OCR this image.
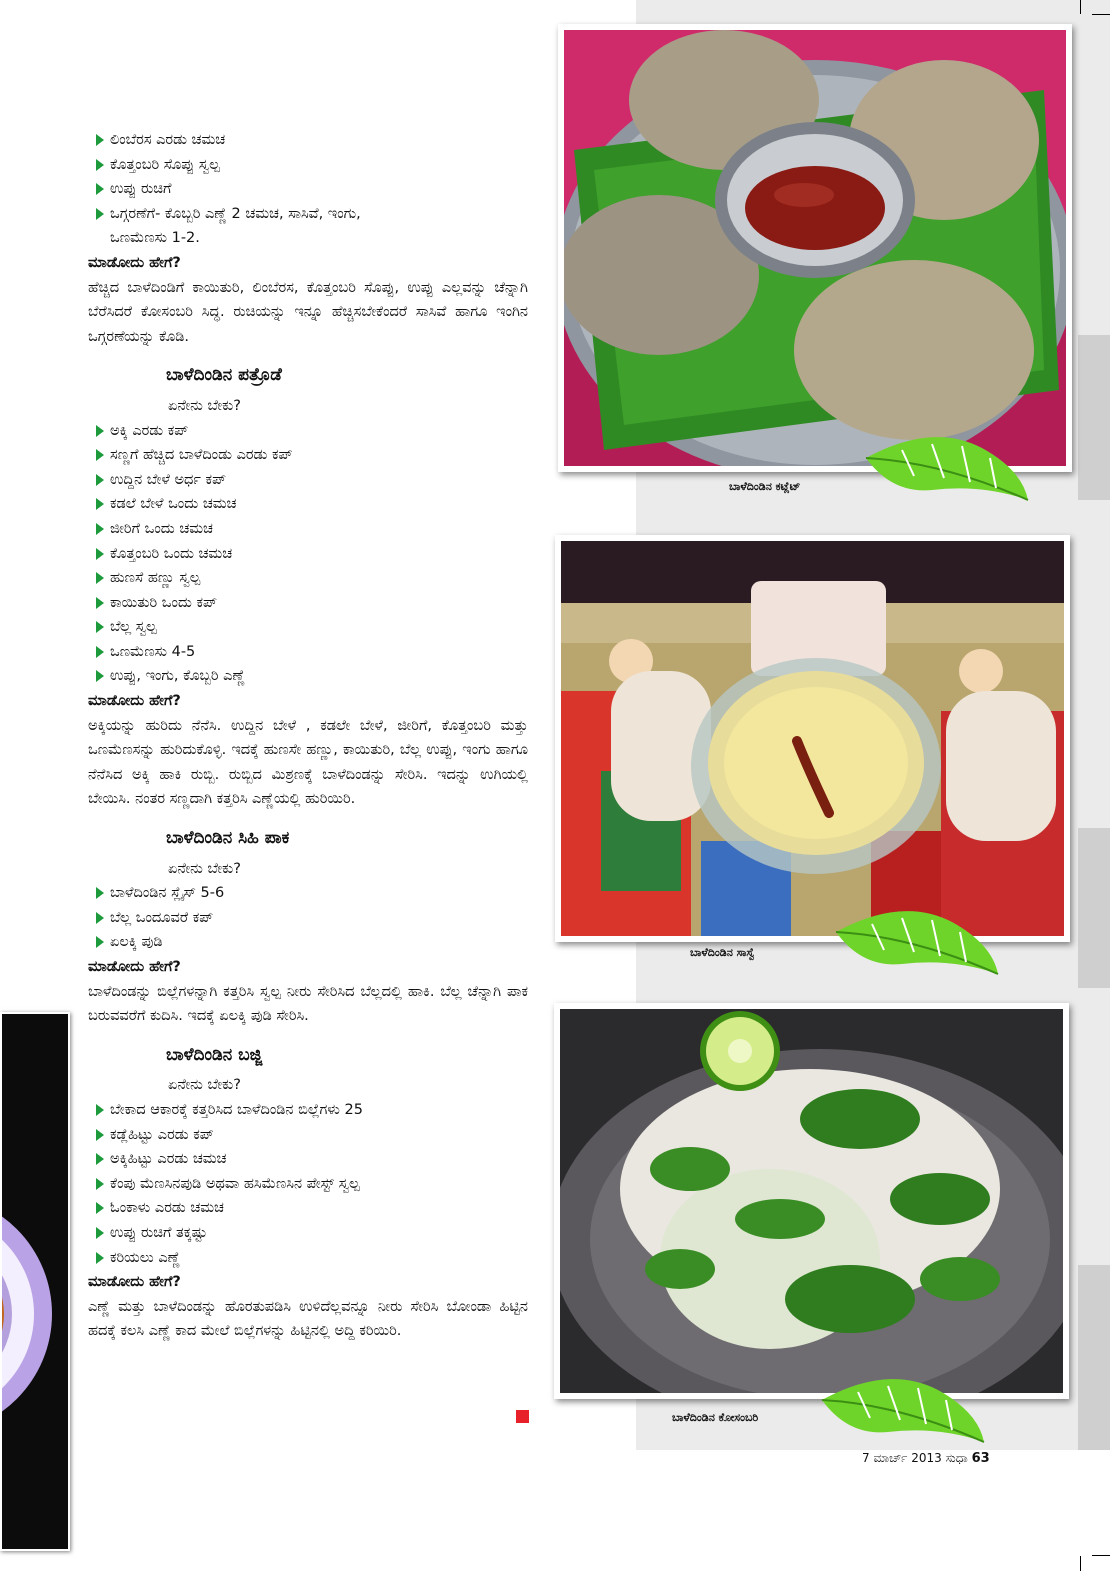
ಲಿಂಬೆರಸ ಎರಡು ಚಮಚ
ಕೊತ್ತಂಬರಿ ಸೊಪ್ಪು ಸ್ವಲ್ಪ
ಉಪ್ಪು ರುಚಿಗೆ
ಒಗ್ಗರಣೆಗೆ- ಕೊಬ್ಬರಿ ಎಣ್ಣೆ 2 ಚಮಚ, ಸಾಸಿವೆ, ಇಂಗು,
ಒಣಮೆಣಸು 1-2.
ಮಾಡೋದು ಹೇಗೆ?
ಹೆಚ್ಚಿದ ಬಾಳೆದಿಂಡಿಗೆ ಕಾಯಿತುರಿ, ಲಿಂಬೆರಸ, ಕೊತ್ತಂಬರಿ ಸೊಪ್ಪು, ಉಪ್ಪು ಎಲ್ಲವನ್ನು ಚೆನ್ನಾಗಿ ಬೆರೆಸಿದರೆ ಕೋಸಂಬರಿ ಸಿದ್ಧ. ರುಚಿಯನ್ನು ಇನ್ನೂ ಹೆಚ್ಚಿಸಬೇಕೆಂದರೆ ಸಾಸಿವೆ ಹಾಗೂ ಇಂಗಿನ ಒಗ್ಗರಣೆಯನ್ನು ಕೊಡಿ.
ಬಾಳೆದಿಂಡಿನ ಪತ್ರೊಡೆ
ಏನೇನು ಬೇಕು?
ಅಕ್ಕಿ ಎರಡು ಕಪ್
ಸಣ್ಣಗೆ ಹೆಚ್ಚಿದ ಬಾಳೆದಿಂಡು ಎರಡು ಕಪ್
ಉದ್ದಿನ ಬೇಳೆ ಅರ್ಧ ಕಪ್
ಕಡಲೆ ಬೇಳೆ ಒಂದು ಚಮಚ
ಜೀರಿಗೆ ಒಂದು ಚಮಚ
ಕೊತ್ತಂಬರಿ ಒಂದು ಚಮಚ
ಹುಣಸೆ ಹಣ್ಣು ಸ್ವಲ್ಪ
ಕಾಯಿತುರಿ ಒಂದು ಕಪ್
ಬೆಲ್ಲ ಸ್ವಲ್ಪ
ಒಣಮೆಣಸು 4-5
ಉಪ್ಪು, ಇಂಗು, ಕೊಬ್ಬರಿ ಎಣ್ಣೆ
ಮಾಡೋದು ಹೇಗೆ?
ಅಕ್ಕಿಯನ್ನು ಹುರಿದು ನೆನೆಸಿ. ಉದ್ದಿನ ಬೇಳೆ , ಕಡಲೇ ಬೇಳೆ, ಜೀರಿಗೆ, ಕೊತ್ತಂಬರಿ ಮತ್ತು ಒಣಮೆಣಸನ್ನು ಹುರಿದುಕೊಳ್ಳಿ. ಇದಕ್ಕೆ ಹುಣಸೇ ಹಣ್ಣು, ಕಾಯಿತುರಿ, ಬೆಲ್ಲ ಉಪ್ಪು, ಇಂಗು ಹಾಗೂ ನೆನೆಸಿದ ಅಕ್ಕಿ ಹಾಕಿ ರುಬ್ಬಿ. ರುಬ್ಬಿದ ಮಿಶ್ರಣಕ್ಕೆ ಬಾಳೆದಿಂಡನ್ನು ಸೇರಿಸಿ. ಇದನ್ನು ಉಗಿಯಲ್ಲಿ ಬೇಯಿಸಿ. ನಂತರ ಸಣ್ಣದಾಗಿ ಕತ್ತರಿಸಿ ಎಣ್ಣೆಯಲ್ಲಿ ಹುರಿಯಿರಿ.
ಬಾಳೆದಿಂಡಿನ ಸಿಹಿ ಪಾಕ
ಏನೇನು ಬೇಕು?
ಬಾಳೆದಿಂಡಿನ ಸ್ಲೈಸ್ 5-6
ಬೆಲ್ಲ ಒಂದೂವರೆ ಕಪ್
ಏಲಕ್ಕಿ ಪುಡಿ
ಮಾಡೋದು ಹೇಗೆ?
ಬಾಳೆದಿಂಡನ್ನು ಬಿಲ್ಲೆಗಳನ್ನಾಗಿ ಕತ್ತರಿಸಿ ಸ್ವಲ್ಪ ನೀರು ಸೇರಿಸಿದ ಬೆಲ್ಲದಲ್ಲಿ ಹಾಕಿ. ಬೆಲ್ಲ ಚೆನ್ನಾಗಿ ಪಾಕ ಬರುವವರೆಗೆ ಕುದಿಸಿ. ಇದಕ್ಕೆ ಏಲಕ್ಕಿ ಪುಡಿ ಸೇರಿಸಿ.
ಬಾಳೆದಿಂಡಿನ ಬಜ್ಜಿ
ಏನೇನು ಬೇಕು?
ಬೇಕಾದ ಆಕಾರಕ್ಕೆ ಕತ್ತರಿಸಿದ ಬಾಳೆದಿಂಡಿನ ಬಿಲ್ಲೆಗಳು 25
ಕಡ್ಲೆಹಿಟ್ಟು ಎರಡು ಕಪ್
ಅಕ್ಕಿಹಿಟ್ಟು ಎರಡು ಚಮಚ
ಕೆಂಪು ಮೆಣಸಿನಪುಡಿ ಅಥವಾ ಹಸಿಮೆಣಸಿನ ಪೇಸ್ಟ್ ಸ್ವಲ್ಪ
ಓಂಕಾಳು ಎರಡು ಚಮಚ
ಉಪ್ಪು ರುಚಿಗೆ ತಕ್ಕಷ್ಟು
ಕರಿಯಲು ಎಣ್ಣೆ
ಮಾಡೋದು ಹೇಗೆ?
ಎಣ್ಣೆ ಮತ್ತು ಬಾಳೆದಿಂಡನ್ನು ಹೊರತುಪಡಿಸಿ ಉಳಿದೆಲ್ಲವನ್ನೂ ನೀರು ಸೇರಿಸಿ ಬೋಂಡಾ ಹಿಟ್ಟಿನ ಹದಕ್ಕೆ ಕಲಸಿ ಎಣ್ಣೆ ಕಾದ ಮೇಲೆ ಬಿಲ್ಲೆಗಳನ್ನು ಹಿಟ್ಟಿನಲ್ಲಿ ಅದ್ದಿ ಕರಿಯಿರಿ.
ಬಾಳೆದಿಂಡಿನ ಕಟ್ಲೆಟ್
ಬಾಳೆದಿಂಡಿನ ಸಾಸ್ವೆ
ಬಾಳೆದಿಂಡಿನ ಕೋಸಂಬರಿ
7 ಮಾರ್ಚ್ 2013 ಸುಧಾ 63
